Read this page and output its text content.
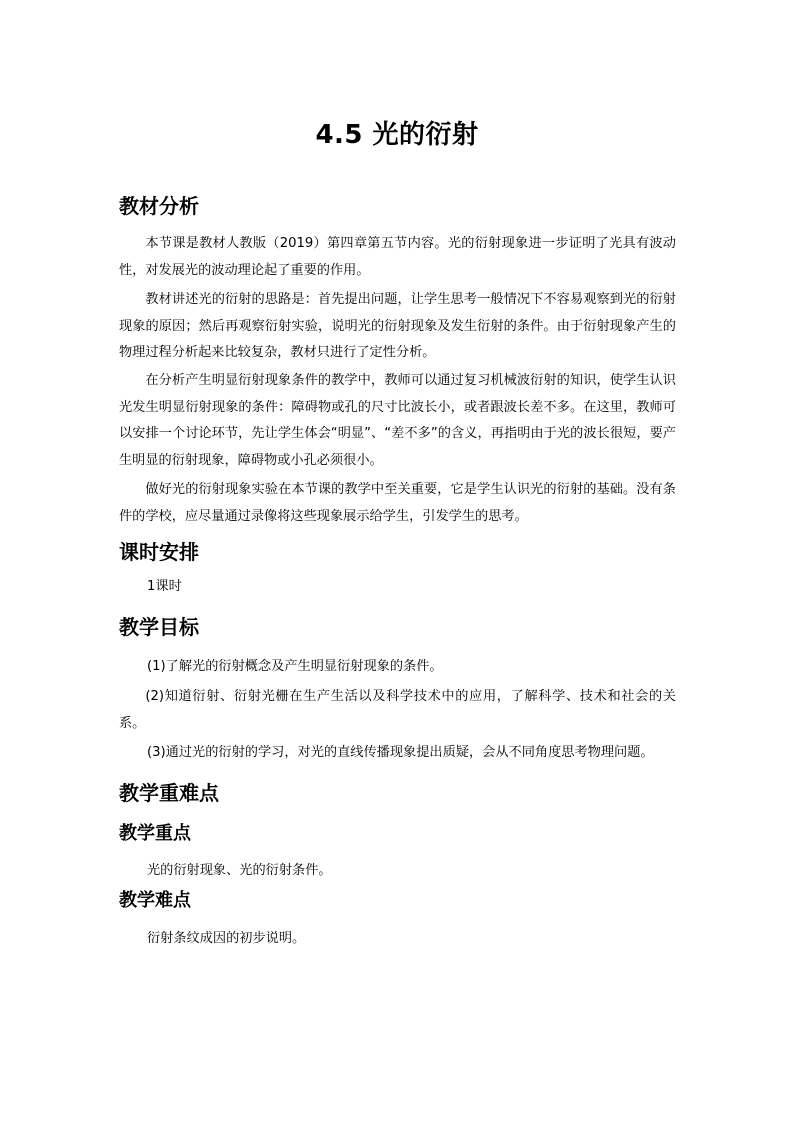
4.5 光的衍射
教材分析

本节课是教材人教版（2019）第四章第五节内容。光的衍射现象进一步证明了光具有波动性，对发展光的波动理论起了重要的作用。

教材讲述光的衍射的思路是：首先提出问题，让学生思考一般情况下不容易观察到光的衍射现象的原因；然后再观察衍射实验，说明光的衍射现象及发生衍射的条件。由于衍射现象产生的物理过程分析起来比较复杂，教材只进行了定性分析。

在分析产生明显衍射现象条件的教学中，教师可以通过复习机械波衍射的知识，使学生认识光发生明显衍射现象的条件：障碍物或孔的尺寸比波长小，或者跟波长差不多。在这里，教师可以安排一个讨论环节，先让学生体会“明显”、“差不多”的含义，再指明由于光的波长很短，要产生明显的衍射现象，障碍物或小孔必须很小。

做好光的衍射现象实验在本节课的教学中至关重要，它是学生认识光的衍射的基础。没有条件的学校，应尽量通过录像将这些现象展示给学生，引发学生的思考。

课时安排
1课时
教学目标
(1)了解光的衍射概念及产生明显衍射现象的条件。

(2)知道衍射、衍射光栅在生产生活以及科学技术中的应用，了解科学、技术和社会的关系。

(3)通过光的衍射的学习，对光的直线传播现象提出质疑，会从不同角度思考物理问题。
教学重难点
教学重点
光的衍射现象、光的衍射条件。
教学难点
衍射条纹成因的初步说明。
